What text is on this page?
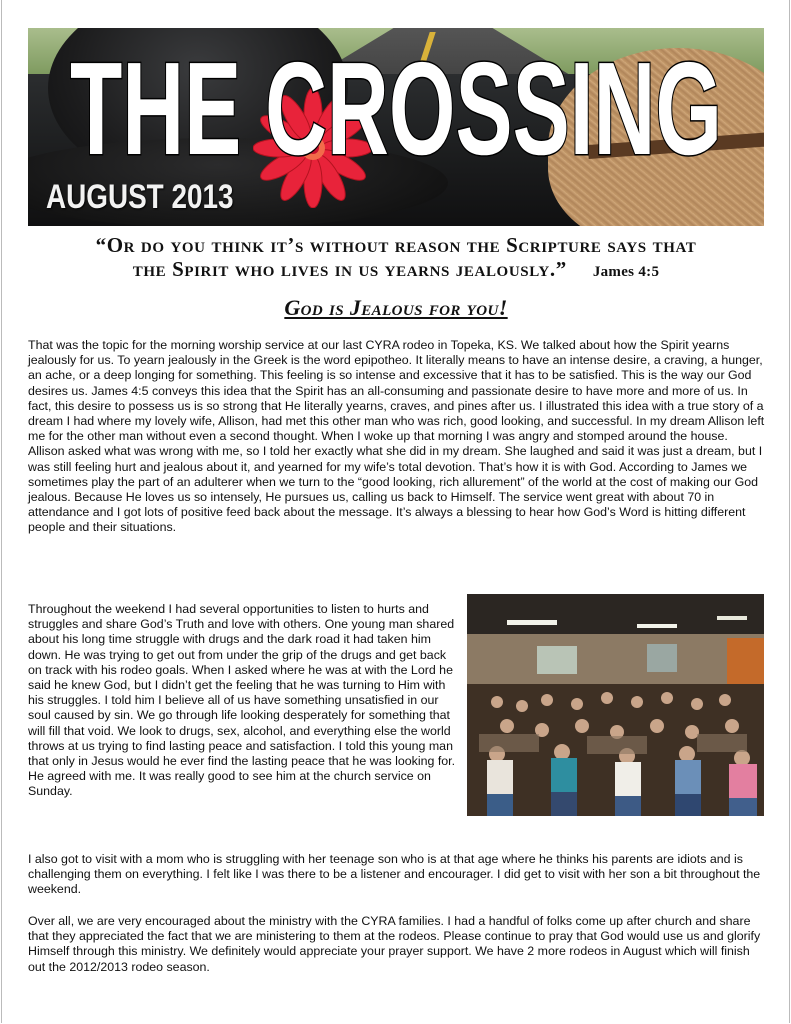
THE CROSSING
AUGUST 2013
“Or do you think it’s without reason the Scripture says that
the Spirit who lives in us yearns jealously.” James 4:5
God is Jealous for you!

That was the topic for the morning worship service at our last CYRA rodeo in Topeka, KS. We talked about how the Spirit yearns jealously for us. To yearn jealously in the Greek is the word epipotheo. It literally means to have an intense desire, a craving, a hunger, an ache, or a deep longing for something. This feeling is so intense and excessive that it has to be satisfied. This is the way our God desires us. James 4:5 conveys this idea that the Spirit has an all-consuming and passionate desire to have more and more of us. In fact, this desire to possess us is so strong that He literally yearns, craves, and pines after us. I illustrated this idea with a true story of a dream I had where my lovely wife, Allison, had met this other man who was rich, good looking, and successful. In my dream Allison left me for the other man without even a second thought. When I woke up that morning I was angry and stomped around the house. Allison asked what was wrong with me, so I told her exactly what she did in my dream. She laughed and said it was just a dream, but I was still feeling hurt and jealous about it, and yearned for my wife’s total devotion. That’s how it is with God. According to James we sometimes play the part of an adulterer when we turn to the “good looking, rich allurement” of the world at the cost of making our God jealous. Because He loves us so intensely, He pursues us, calling us back to Himself. The service went great with about 70 in attendance and I got lots of positive feed back about the message. It’s always a blessing to hear how God’s Word is hitting different people and their situations.

Throughout the weekend I had several opportunities to listen to hurts and struggles and share God’s Truth and love with others. One young man shared about his long time struggle with drugs and the dark road it had taken him down. He was trying to get out from under the grip of the drugs and get back on track with his rodeo goals. When I asked where he was at with the Lord he said he knew God, but I didn’t get the feeling that he was turning to Him with his struggles. I told him I believe all of us have something unsatisfied in our soul caused by sin. We go through life looking desperately for something that will fill that void. We look to drugs, sex, alcohol, and everything else the world throws at us trying to find lasting peace and satisfaction. I told this young man that only in Jesus would he ever find the lasting peace that he was looking for. He agreed with me. It was really good to see him at the church service on Sunday.

I also got to visit with a mom who is struggling with her teenage son who is at that age where he thinks his parents are idiots and is challenging them on everything. I felt like I was there to be a listener and encourager. I did get to visit with her son a bit throughout the weekend.

Over all, we are very encouraged about the ministry with the CYRA families. I had a handful of folks come up after church and share that they appreciated the fact that we are ministering to them at the rodeos. Please continue to pray that God would use us and glorify Himself through this ministry. We definitely would appreciate your prayer support. We have 2 more rodeos in August which will finish out the 2012/2013 rodeo season.
